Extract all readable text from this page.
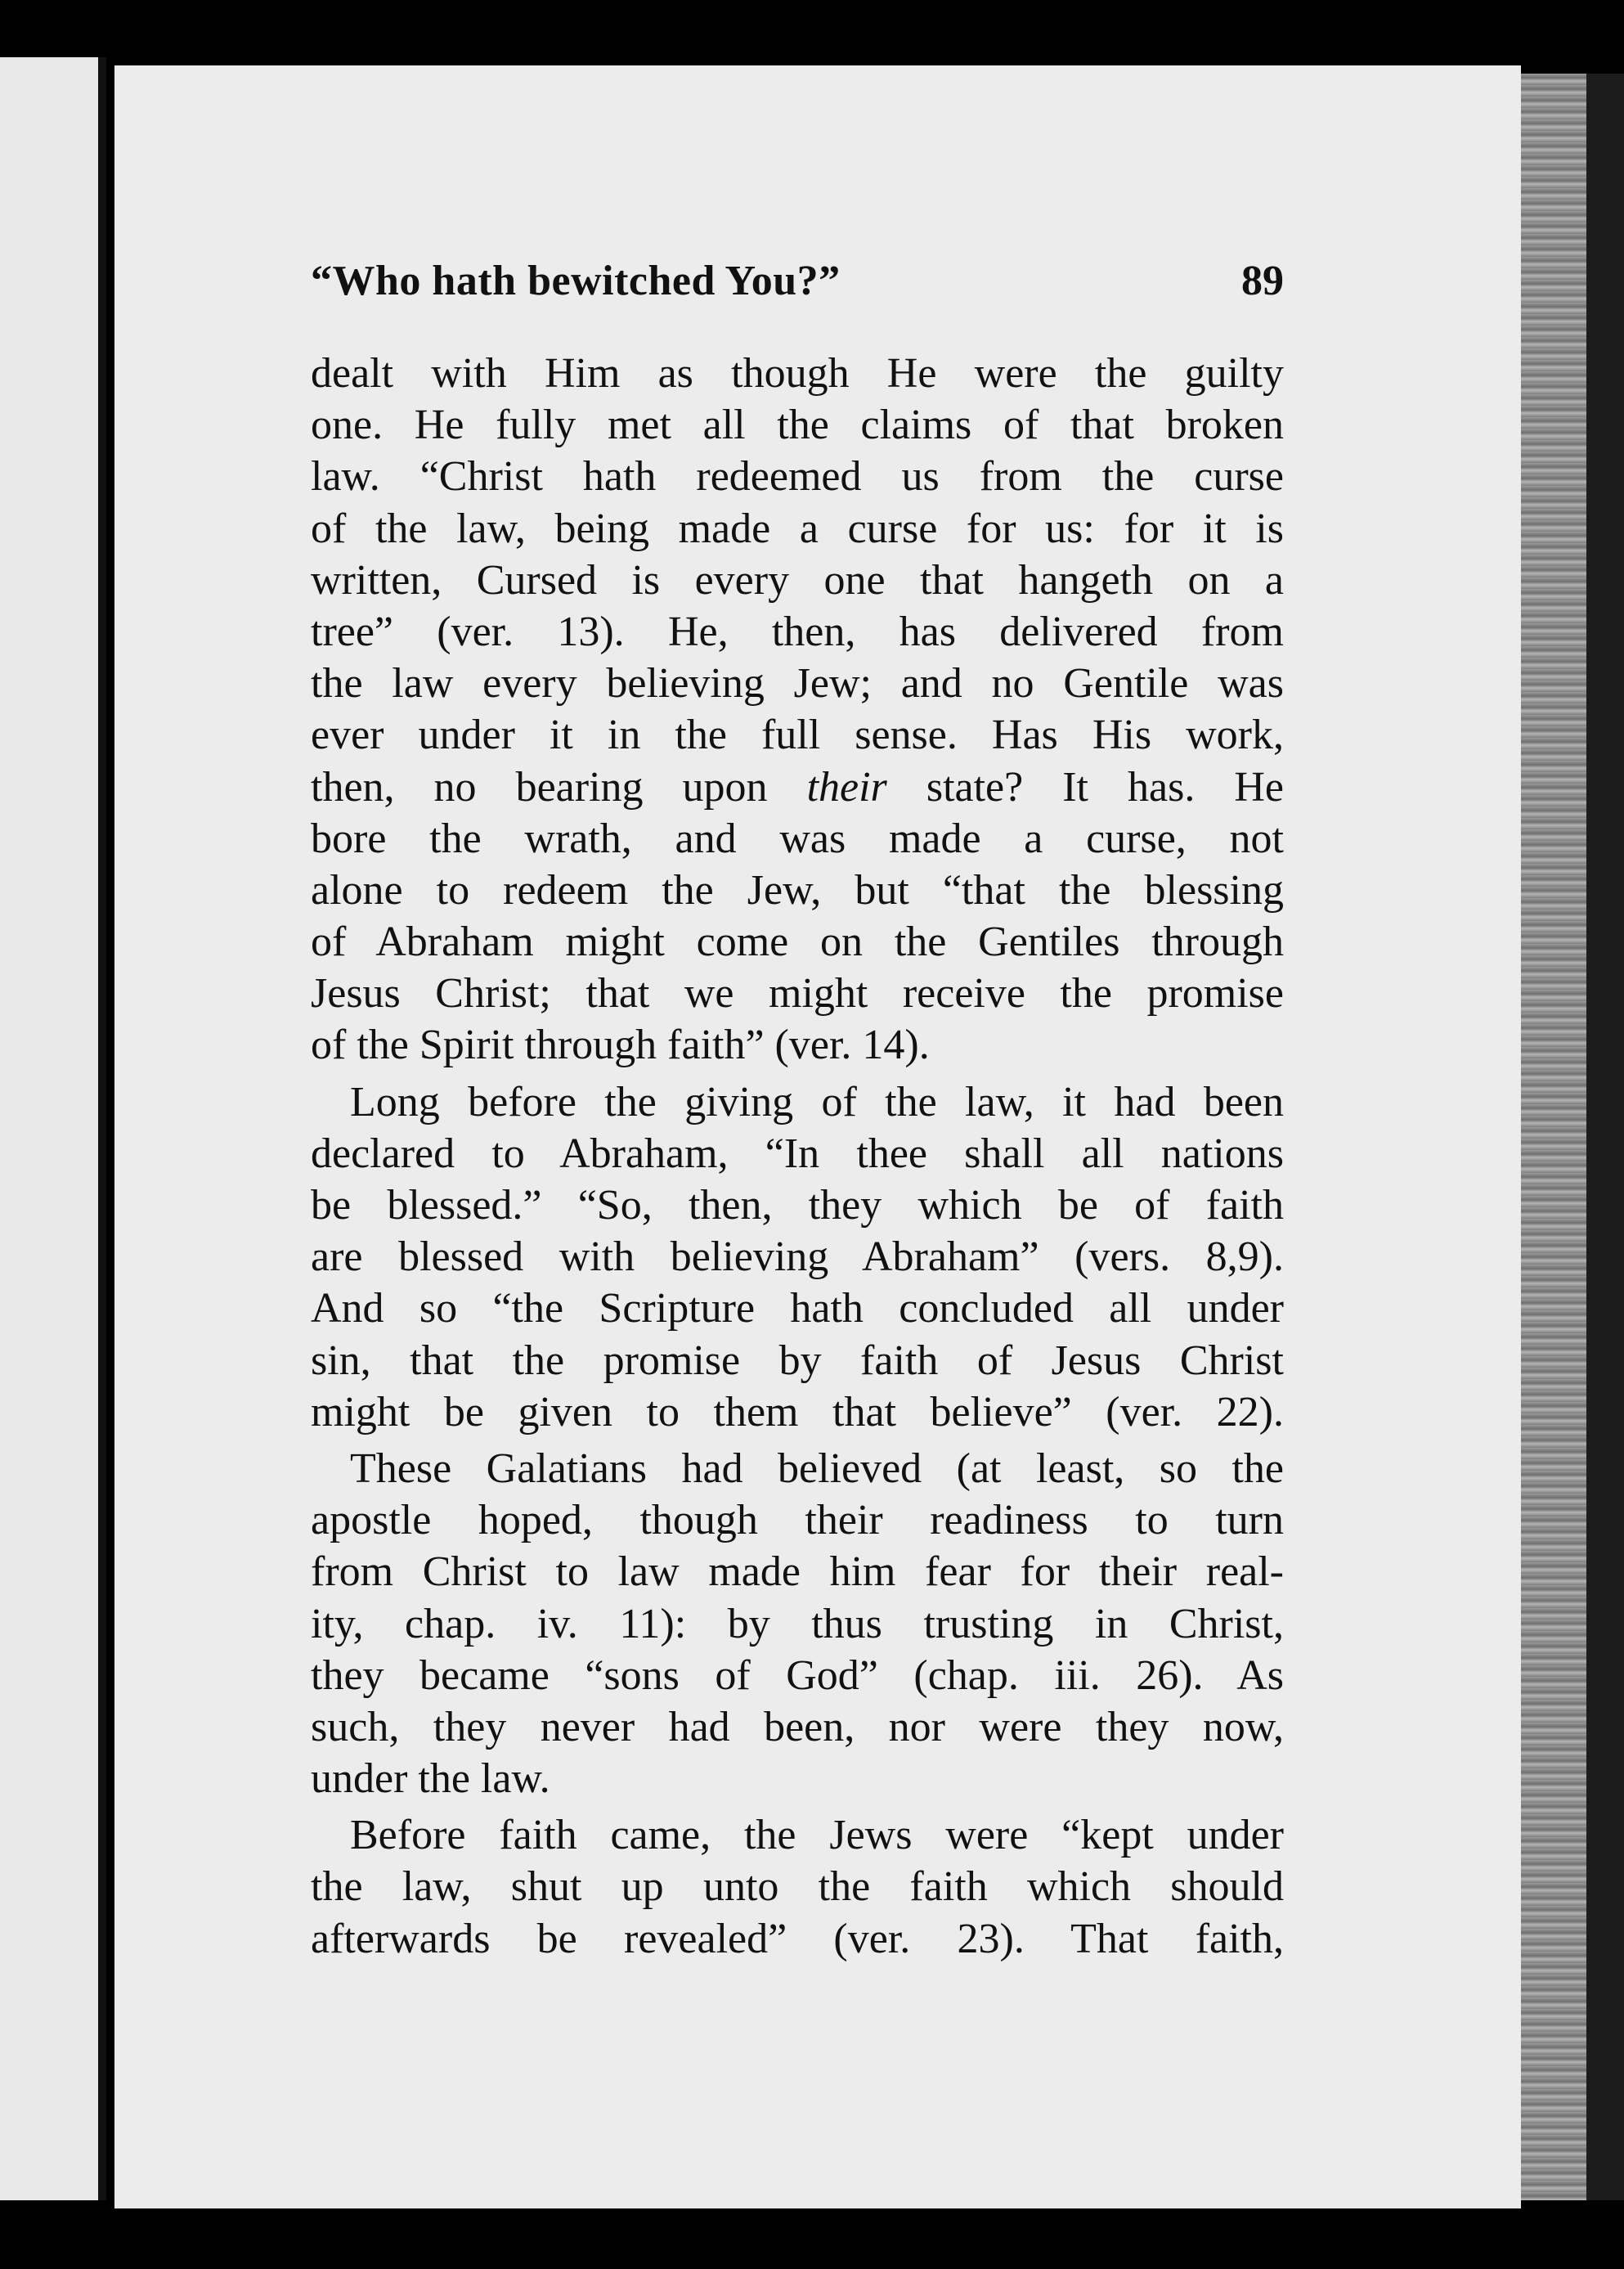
“Who hath bewitched You?”	89
dealt with Him as though He were the guilty
one. He fully met all the claims of that broken
law. “Christ hath redeemed us from the curse
of the law, being made a curse for us: for it is
written, Cursed is every one that hangeth on a
tree” (ver. 13). He, then, has delivered from
the law every believing Jew; and no Gentile was
ever under it in the full sense. Has His work,
then, no bearing upon their state? It has. He
bore the wrath, and was made a curse, not
alone to redeem the Jew, but “that the blessing
of Abraham might come on the Gentiles through
Jesus Christ; that we might receive the promise
of the Spirit through faith” (ver. 14).
Long before the giving of the law, it had been
declared to Abraham, “In thee shall all nations
be blessed.” “So, then, they which be of faith
are blessed with believing Abraham” (vers. 8,9).
And so “the Scripture hath concluded all under
sin, that the promise by faith of Jesus Christ
might be given to them that believe” (ver. 22).
These Galatians had believed (at least, so the
apostle hoped, though their readiness to turn
from Christ to law made him fear for their real-
ity, chap. iv. 11): by thus trusting in Christ,
they became “sons of God” (chap. iii. 26). As
such, they never had been, nor were they now,
under the law.
Before faith came, the Jews were “kept under
the law, shut up unto the faith which should
afterwards be revealed” (ver. 23). That faith,
